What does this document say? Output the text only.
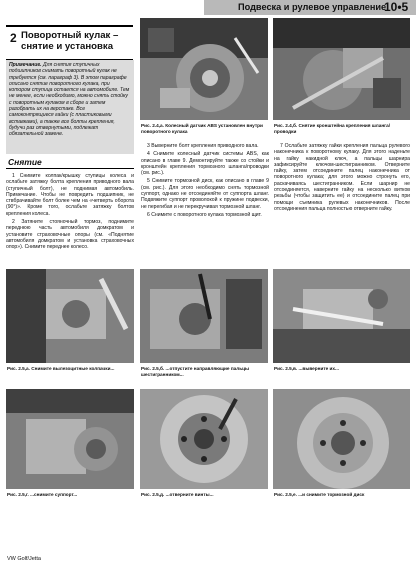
Подвеска и рулевое управление
10•5
2 Поворотный кулак – снятие и установка
Примечание. Для снятия ступичных подшипников снимать поворотный кулак не требуется (см. параграф 3). В этом параграфе описано снятие поворотного кулака, при котором ступица остается на автомобиле. Тем не менее, если необходимо, можно снять стойку с поворотным кулаком в сборе и затем разобрать их на верстаке. Все самоконтрящиеся гайки (с пластиковыми вставками), а также все болты крепления, будучи раз отвернутыми, подлежат обязательной замене.
Снятие

1 Снимите колпак/крышку ступицы колеса и ослабьте затяжку болта крепления приводного вала (ступичный болт), не поднимая автомобиль. Примечание. Чтобы не повредить подшипник, не ствбрачивайте болт более чем на «четверть оборота (90°)». Кроме того, ослабьте затяжку болтов крепления колеса.

2 Затяните стояночный тормоз, поднимите переднюю часть автомобиля домкратом и установите страховочные опоры (см. «Поднятие автомобиля домкратом и установка страховочных опор»). Снимите переднее колесо.

Рис. 2.4,a. Колесный датчик ABS установлен внутри поворотного кулака
Рис. 2.4,б. Снятие кронштейна крепления шланга/проводки

3 Выверните болт крепления приводного вала.

4 Снимите колесный датчик системы ABS, как описано в главе 9. Демонтируйте также со стойки и кронштейн крепления тормозного шланга/проводки (см. рис.).

5 Снимите тормозной диск, как описано в главе 9 (см. рис.). Для этого необходимо снять тормозной суппорт, однако не отсоединяйте от суппорта шланг. Подвяжите суппорт проволокой к пружине подвески, не перегибая и не перекручивая тормозной шланг.

6 Снимите с поворотного кулака тормозной щит.

7 Ослабьте затяжку гайки крепления пальца рулевого наконечника к поворотному кулаку. Для этого наденьте на гайку накидной ключ, а пальцы шарнира зафиксируйте ключом-шестигранником. Отверните гайку, затем отсоедините палец наконечника от поворотного кулака; для этого можно стронуть его, раскачиваясь шестигранником. Если шарнир не отсоединяется, наверните гайку на несколько витков резьбы (чтобы защитить ее) и отсоедините палец при помощи съемника рулевых наконечников. После отсоединения пальца полностью отверните гайку.

Рис. 2.5,а. Снимите вылезоцитные колпачки...	Рис. 2.5,б. ...отпустите направляющие пальцы шестигранником...
Рис. 2.5,в. ...выверните их...
Рис. 2.5,г. ...снимите суппорт...	Рис. 2.5,д. ...отверните винты...	Рис. 2.5,е. ...и снимите тормозной диск
VW Golf/Jetta
